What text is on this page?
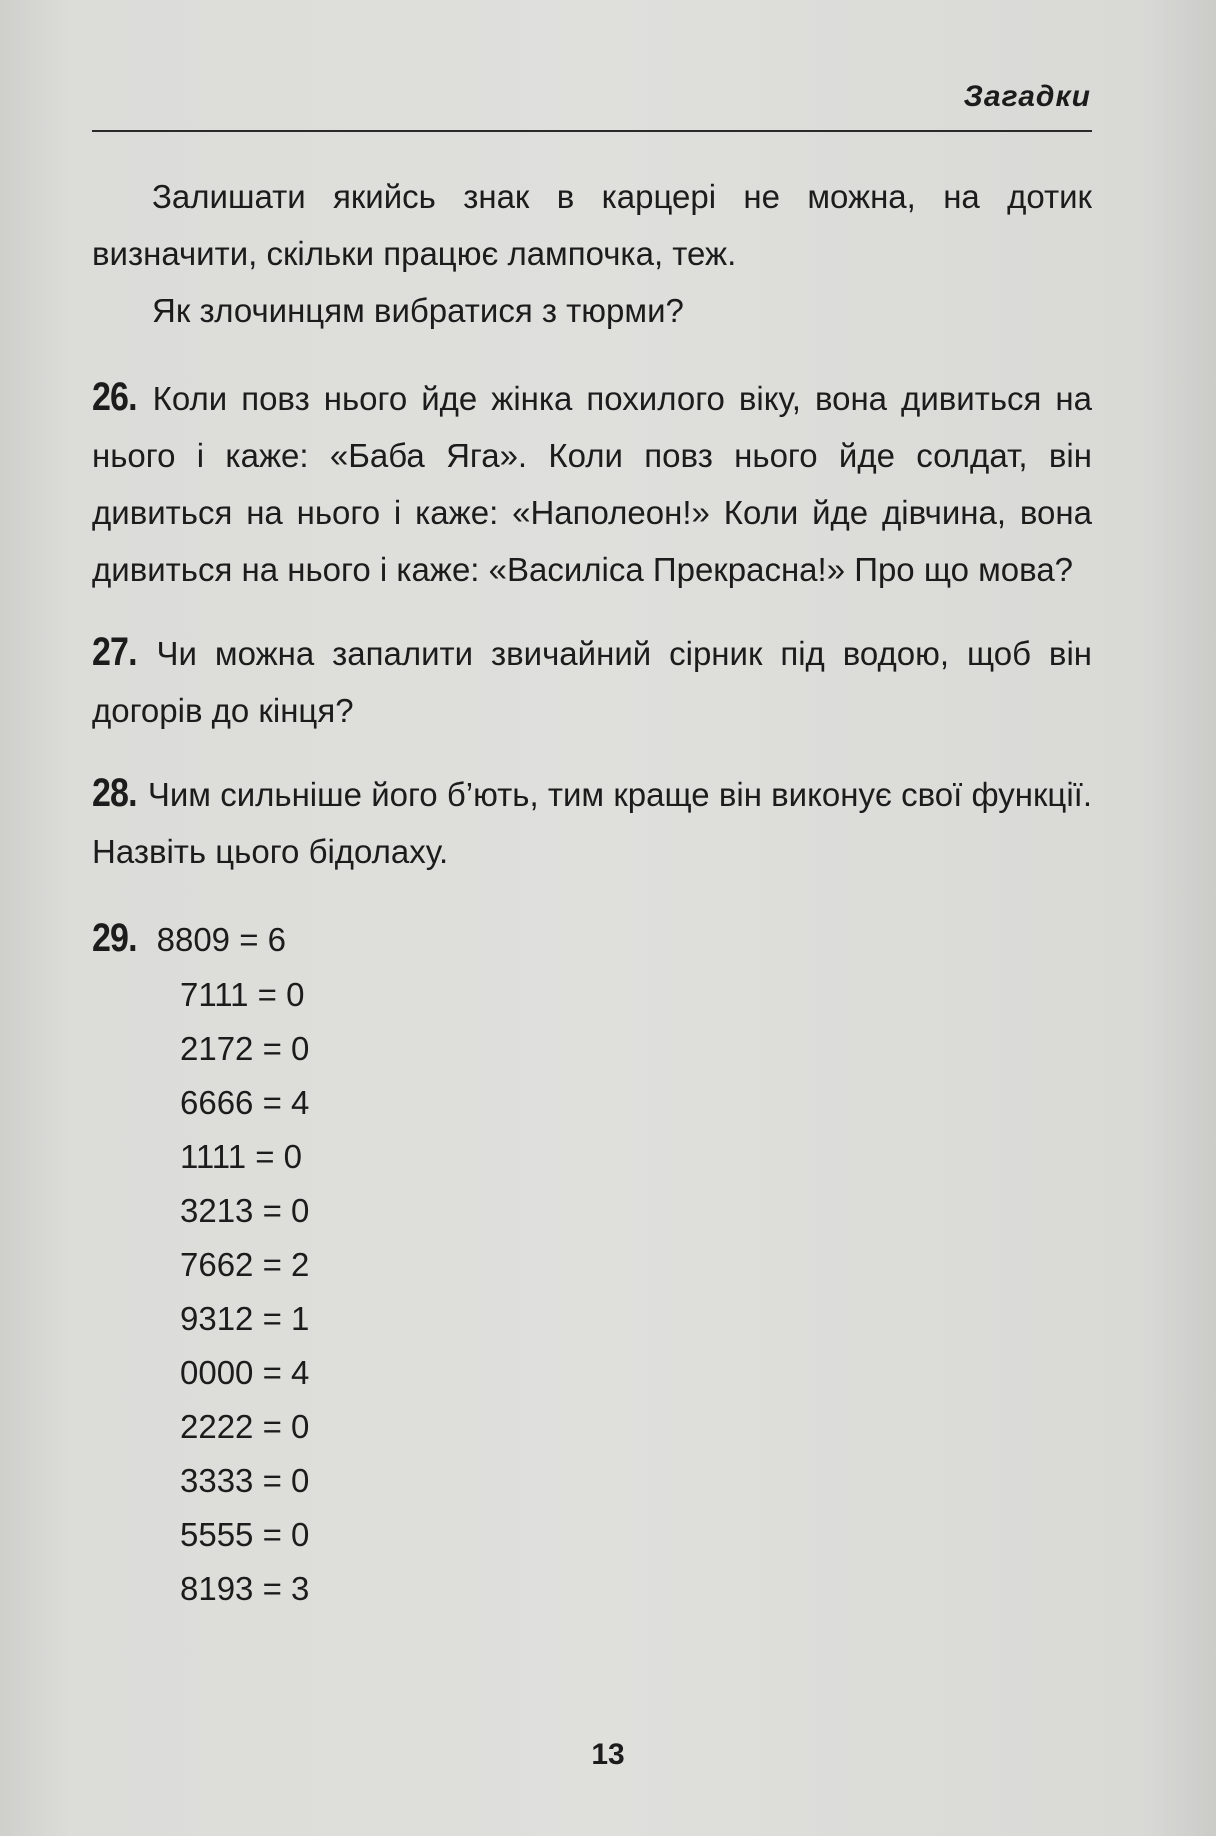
Загадки

Залишати якийсь знак в карцері не можна, на дотик визначити, скільки працює лампочка, теж.

Як злочинцям вибратися з тюрми?

26. Коли повз нього йде жінка похилого віку, вона дивиться на нього і каже: «Баба Яга». Коли повз нього йде солдат, він дивиться на нього і каже: «Наполеон!» Коли йде дівчина, вона дивиться на нього і каже: «Василіса Прекрасна!» Про що мова?

27. Чи можна запалити звичайний сірник під водою, щоб він догорів до кінця?

28. Чим сильніше його б’ють, тим краще він виконує свої функції. Назвіть цього бідолаху.

29. 8809 = 6
7111 = 0
2172 = 0
6666 = 4
1111 = 0
3213 = 0
7662 = 2
9312 = 1
0000 = 4
2222 = 0
3333 = 0
5555 = 0
8193 = 3
13
